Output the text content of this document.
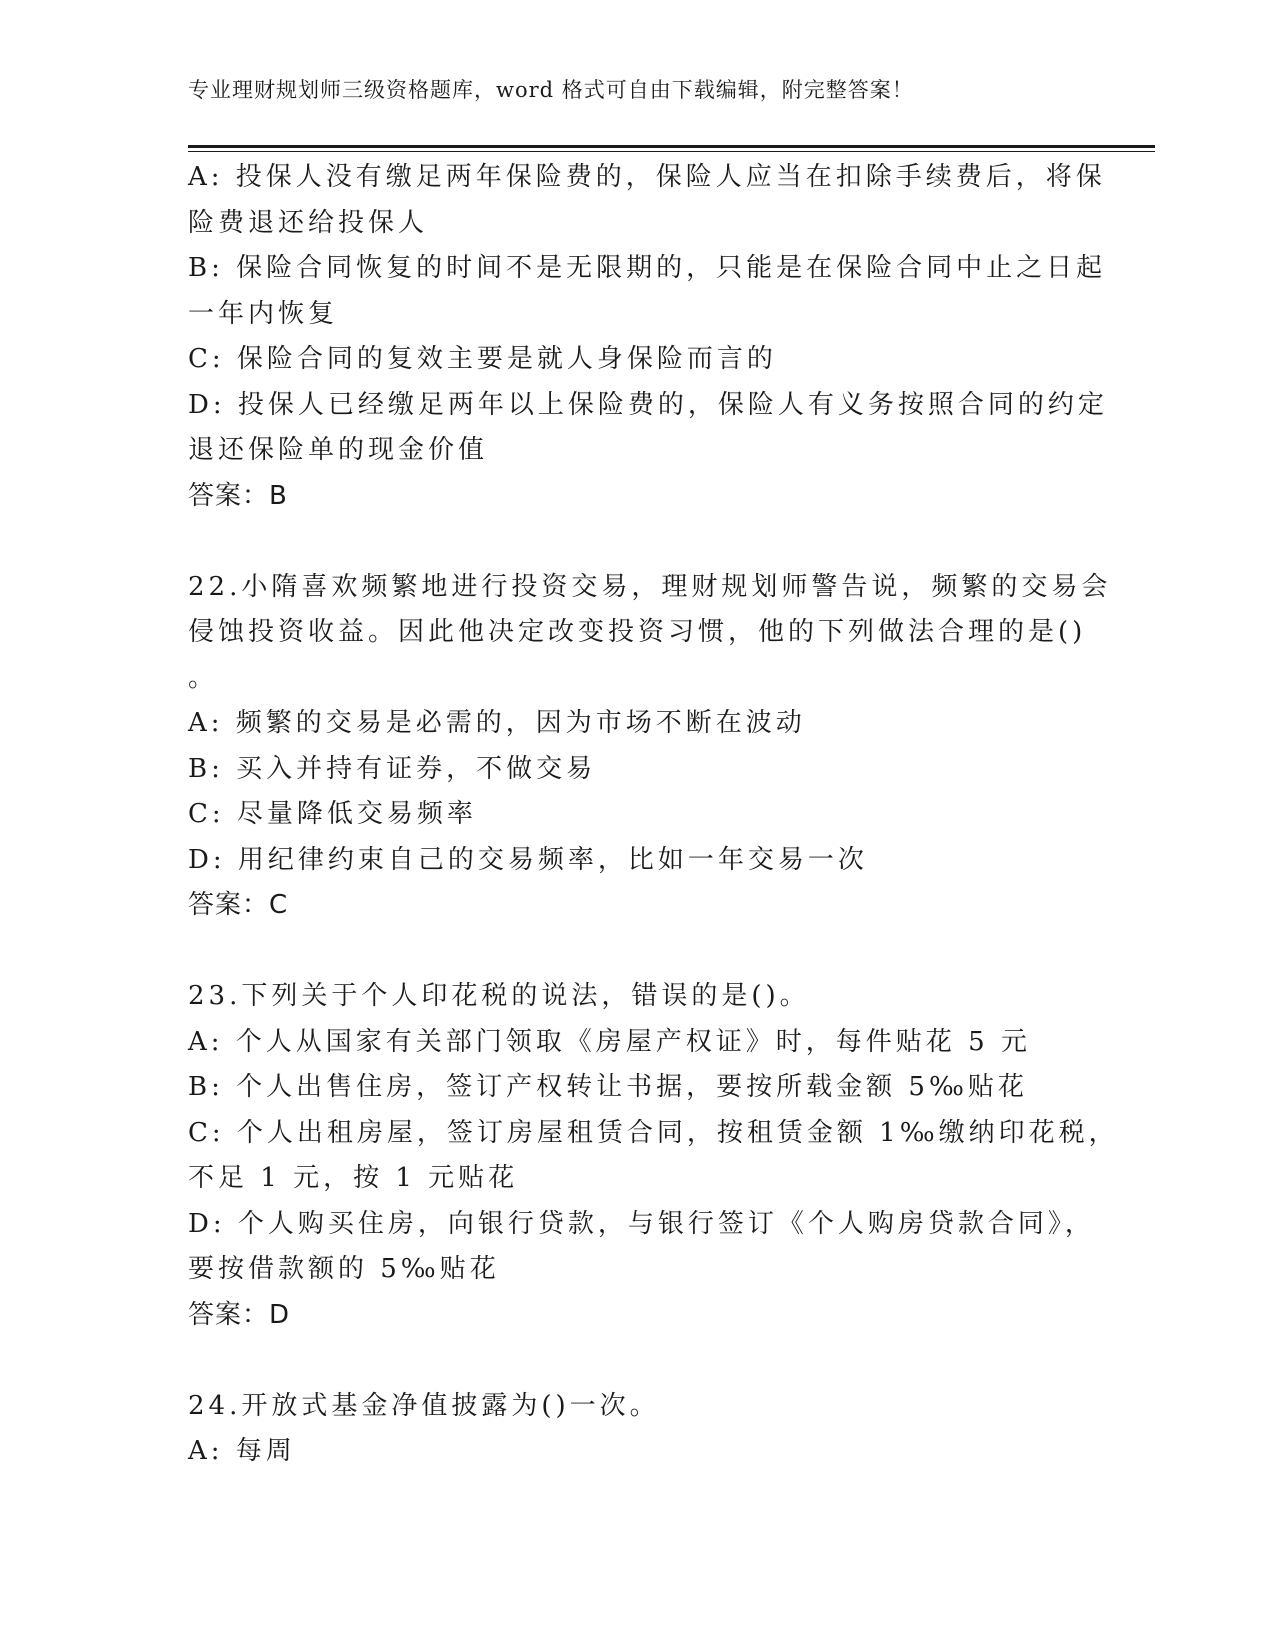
专业理财规划师三级资格题库，word 格式可自由下载编辑，附完整答案！
A: 投保人没有缴足两年保险费的，保险人应当在扣除手续费后，将保
险费退还给投保人
B: 保险合同恢复的时间不是无限期的，只能是在保险合同中止之日起
一年内恢复
C: 保险合同的复效主要是就人身保险而言的
D: 投保人已经缴足两年以上保险费的，保险人有义务按照合同的约定
退还保险单的现金价值
答案：B
22.小隋喜欢频繁地进行投资交易，理财规划师警告说，频繁的交易会
侵蚀投资收益。因此他决定改变投资习惯，他的下列做法合理的是()
。
A: 频繁的交易是必需的，因为市场不断在波动
B: 买入并持有证券，不做交易
C: 尽量降低交易频率
D: 用纪律约束自己的交易频率，比如一年交易一次
答案：C
23.下列关于个人印花税的说法，错误的是()。
A: 个人从国家有关部门领取《房屋产权证》时，每件贴花 5 元
B: 个人出售住房，签订产权转让书据，要按所载金额 5‰贴花
C: 个人出租房屋，签订房屋租赁合同，按租赁金额 1‰缴纳印花税，
不足 1 元，按 1 元贴花
D: 个人购买住房，向银行贷款，与银行签订《个人购房贷款合同》，
要按借款额的 5‰贴花
答案：D
24.开放式基金净值披露为()一次。
A: 每周
